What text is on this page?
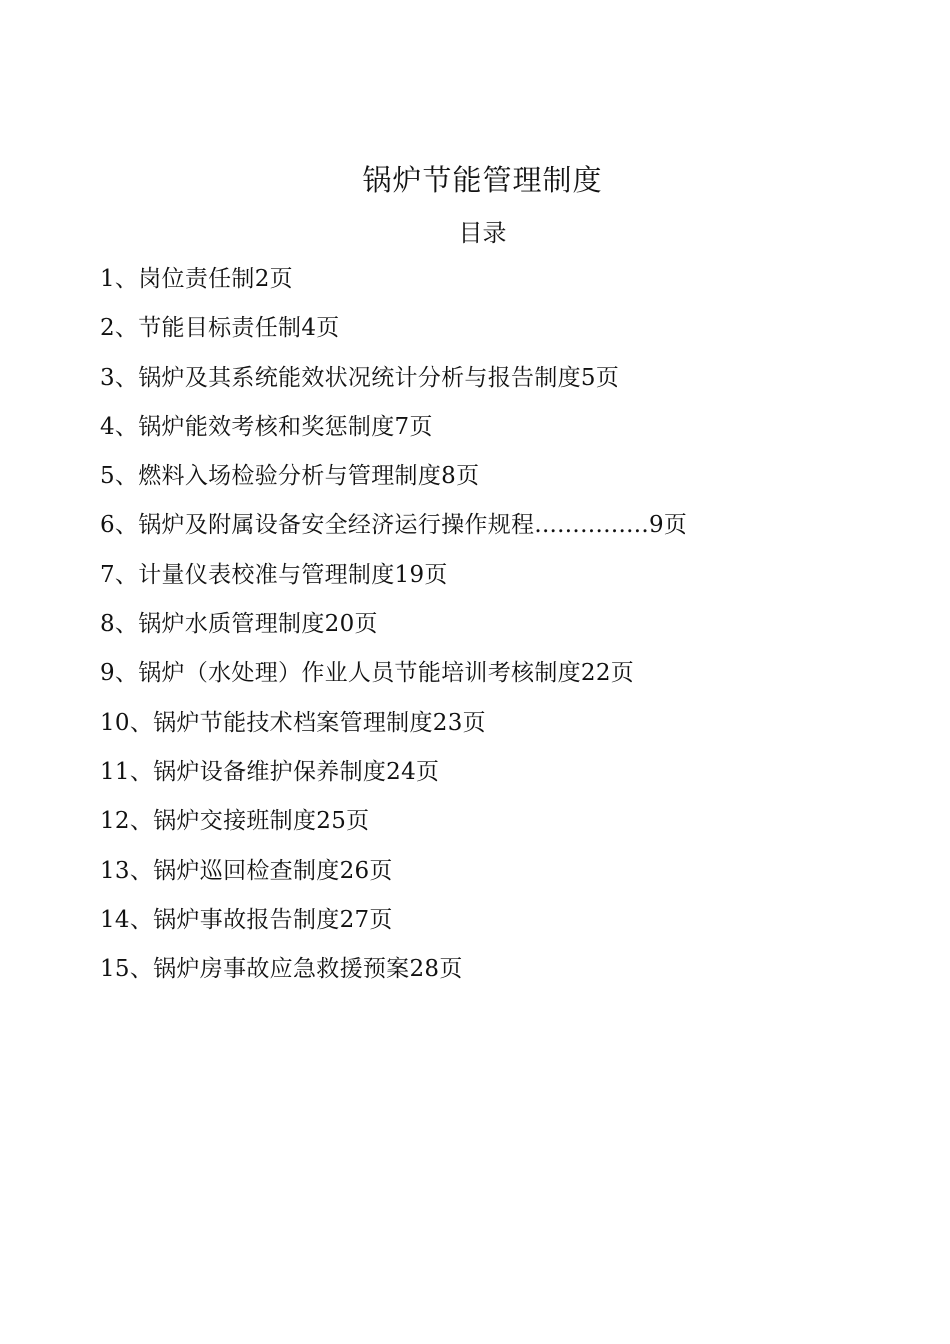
锅炉节能管理制度
目录
1、岗位责任制2页
2、节能目标责任制4页
3、锅炉及其系统能效状况统计分析与报告制度5页
4、锅炉能效考核和奖惩制度7页
5、燃料入场检验分析与管理制度8页
6、锅炉及附属设备安全经济运行操作规程......…......9页
7、计量仪表校准与管理制度19页
8、锅炉水质管理制度20页
9、锅炉（水处理）作业人员节能培训考核制度22页
10、锅炉节能技术档案管理制度23页
11、锅炉设备维护保养制度24页
12、锅炉交接班制度25页
13、锅炉巡回检查制度26页
14、锅炉事故报告制度27页
15、锅炉房事故应急救援预案28页
